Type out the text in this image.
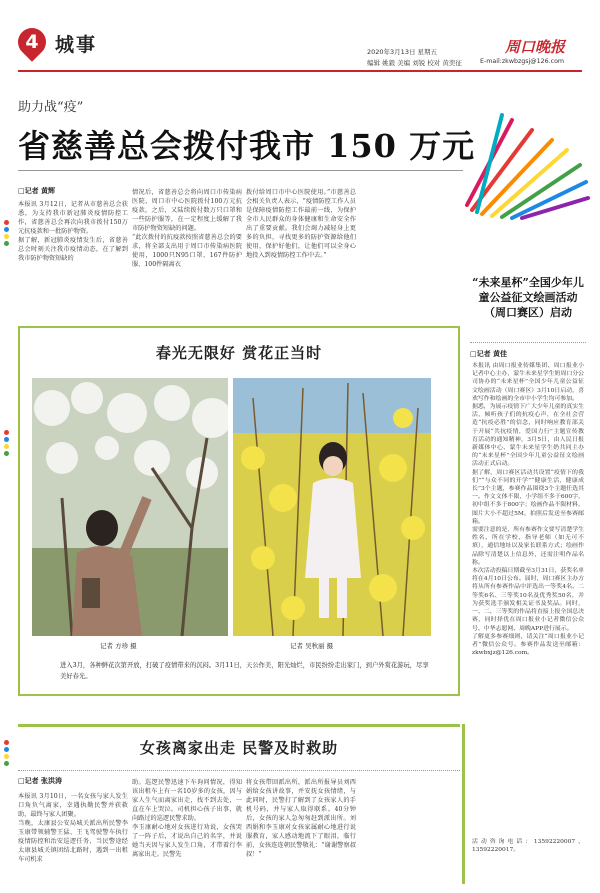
4 城事	2020年3月13日 星期五
编辑 姚毅 美编 刘锐 校对 黄奕征
周口晚报
E-mail:zkwbzgsj@126.com
助力战“疫”
省慈善总会拨付我市 150 万元
□记者 黄辉
本报讯 3月12日，记者从市慈善总会获悉，为支持我市新冠肺炎疫情防控工作，省慈善总会再次向我市拨付150万元抗疫款和一批防护物资。
据了解，新冠肺炎疫情发生后，省慈善总会时刻关注我市疫情动态，在了解到我市防护物资短缺的
情况后，省慈善总会将向周口市传染病医院、周口市中心医院拨付100万元抗疫款，之后，又陆续拨付数万只口罩和一些防护服等，在一定程度上缓解了我市防护物资短缺的问题。
“此次拨付的抗疫款按照省慈善总会的要求，将全部支出用于周口市传染病医院使用，1000只N95口罩、167件防护服、100件隔离衣
拨付给周口市中心医院使用。”市慈善总会相关负责人表示，“疫情防控工作人员是保障疫情防控工作最前一线，为保护全市人民群众的身体健康和生命安全作出了重要贡献。我们会竭力减轻身上更多的负担，寻找更多的防护资源给他们使用，保护好他们，让他们可以全身心地投入到疫情防控工作中去。”
“未来星杯”全国少年儿童公益征文绘画活动（周口赛区）启动
□记者 黄佳
本报讯 由周口报业传媒集团、周口报业小记者中心主办，蒙牛未来星学生奶周口分公司协办的“未来星杯”全国少年儿童公益征文绘画活动（周口赛区）3月10日启动，喜欢写作和绘画的全市中小学生均可参加。
据悉，为展示疫情下广大少年儿童的真实生活，倾听孩子们的抗疫心声，在全社会营造“抗疫必胜”的信念，同时响应教育部关于开展“共抗疫情，爱国力行”主题宣传教育活动的通知精神，3月5日，由人民日报新媒体中心、蒙牛未来星学生奶共同主办的“未来星杯”全国少年儿童公益征文绘画活动正式启动。
据了解，周口赛区活动共设置“疫情下的我们”“与众不同的开学”“健康生活，健康成长”3个主题，参赛作品围绕3个主题任选其一。作文文体不限，小学组不多于600字，初中组不多于800字；绘画作品不限材料，图片大小不超过5M，拍照后发送至参赛邮箱。
需要注意的是，所有参赛作文要写清楚学生姓名、所在学校、指导老师（如无可不填），通信地址以及家长联系方式；绘画作品除写清楚以上信息外，还需注明作品名称。
本次活动投稿日期截至3月31日，获奖名单将在4月10日公布。届时，周口赛区主办方将从所有参赛作品中评选出一等奖4名、二等奖6名、三等奖10名及优秀奖50名，并为获奖选手颁发相关证书及奖品。同时，一、二、三等奖的作品将直接上报全国总决赛，同时择优在周口报业小记者微信公众号、中华志愿网、周晚APP进行展示。
了解更多参赛细则，请关注“周口报业小记者”微信公众号。参赛作品发送至邮箱：zkwbxjz@126.com。
活动咨询电话：13592220007、13592220017。
春光无限好 赏花正当时
记者 方珍 摄	记者 吴秋丽 摄
进入3月，各种鲜花次第开放，打破了疫情带来的沉闷。3月11日，天公作美，阳光灿烂，市民纷纷走出家门，到户外赏花游玩，尽享美好春光。
女孩离家出走 民警及时救助
□记者 张洪涛
本报讯 3月10日，一名女孩与家人发生口角负气离家，幸遇执勤民警并获救助，最终与家人团聚。
当晚，太康县公安局城关派出所民警李玉康带领辅警王猛、王飞驾驶警车执行疫情防控和治安巡逻任务，当民警途经太康县城关镇团结北路时，遇到一出租车司机求
助。巡逻民警迅速下车询问情况，得知该出租车上有一名10岁多的女孩，因与家人生气而离家出走，找不到去处，一直在车上哭泣。司机担心孩子出事，就向路过的巡逻民警求助。
李玉康耐心地对女孩进行劝说，女孩哭了一阵子后，才说出自己的名字，并说她当天因与家人发生口角，才带着行李离家出走。民警先
将女孩带回派出所，派出所报导员刘西娟给女孩讲故事，并安抚女孩情绪，与此同时，民警打了解到了女孩家人的手机号码，并与家人取得联系。40分钟后，女孩的家人急匆匆赶到派出所。刘西娟和李玉康对女孩家属耐心地进行说服教育，家人感动地流下了眼泪，临行前，女孩连连朝民警敬礼：“谢谢警察叔叔！”
